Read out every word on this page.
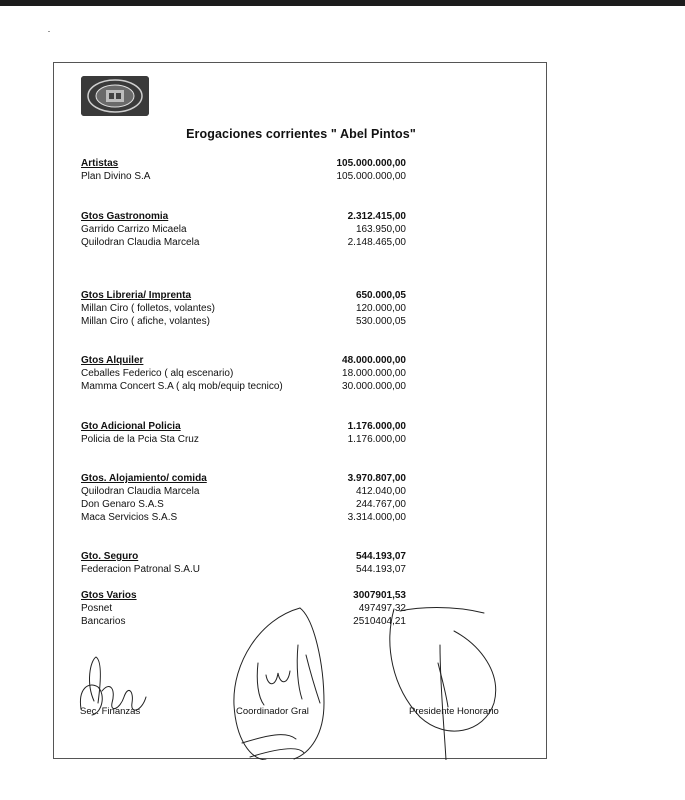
Erogaciones corrientes " Abel Pintos"
Artistas	105.000.000,00
Plan Divino S.A	105.000.000,00
Gtos Gastronomia	2.312.415,00
Garrido Carrizo Micaela	163.950,00
Quilodran Claudia Marcela	2.148.465,00
Gtos Libreria/ Imprenta	650.000,05
Millan Ciro ( folletos, volantes)	120.000,00
Millan Ciro ( afiche, volantes)	530.000,05
Gtos Alquiler	48.000.000,00
Ceballes Federico ( alq escenario)	18.000.000,00
Mamma Concert S.A ( alq mob/equip tecnico)	30.000.000,00
Gto Adicional Policia	1.176.000,00
Policia de la Pcia Sta Cruz	1.176.000,00
Gtos. Alojamiento/ comida	3.970.807,00
Quilodran Claudia Marcela	412.040,00
Don Genaro S.A.S	244.767,00
Maca Servicios S.A.S	3.314.000,00
Gto. Seguro	544.193,07
Federacion Patronal S.A.U	544.193,07
Gtos Varios	3007901,53
Posnet	497497,32
Bancarios	2510404,21
Sec. Finanzas	Coordinador Gral	Presidente Honorario
